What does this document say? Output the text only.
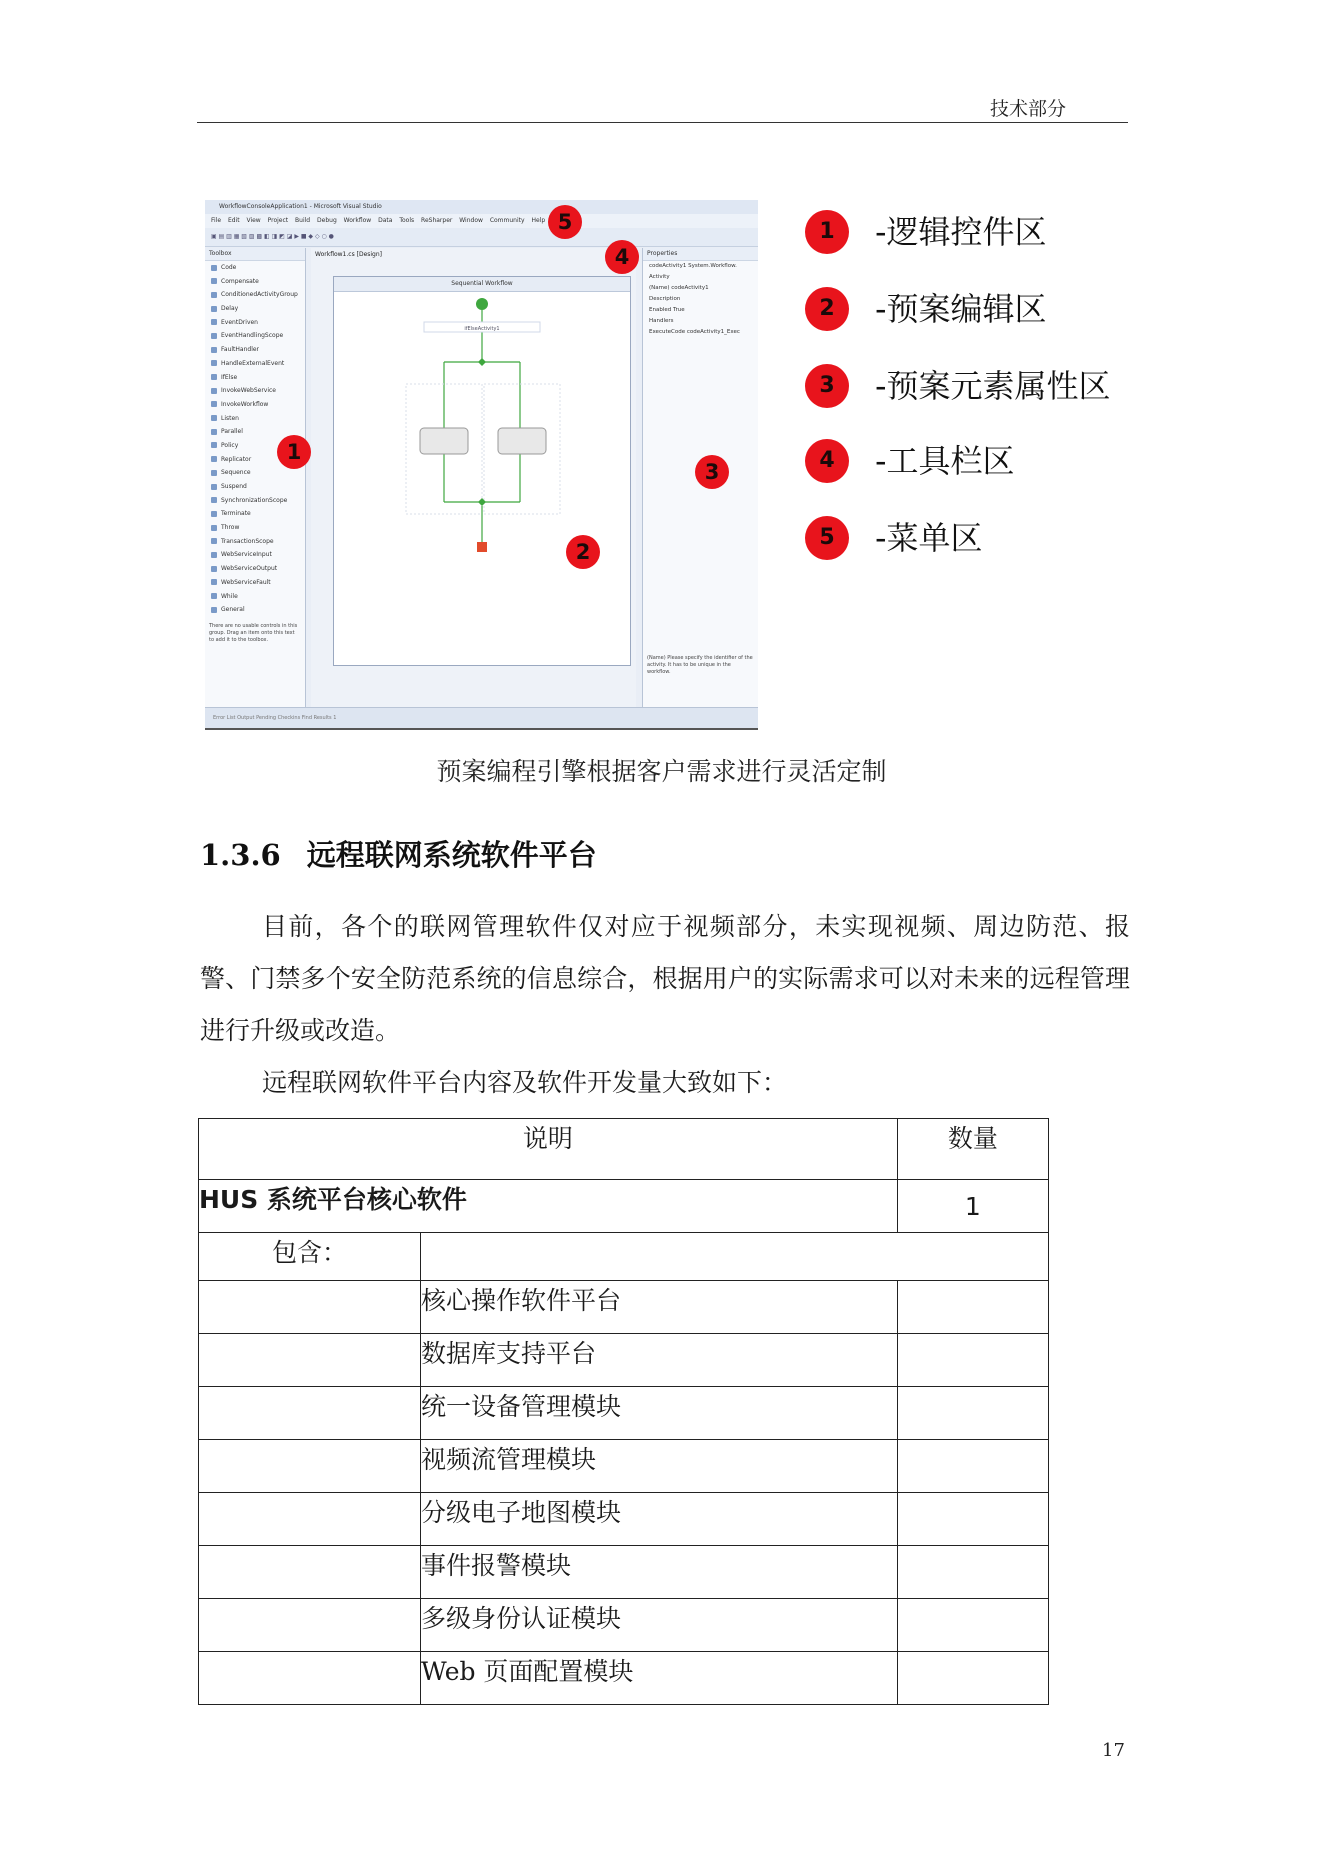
技术部分
WorkflowConsoleApplication1 - Microsoft Visual Studio
File Edit View Project Build Debug Workflow Data Tools ReSharper Window Community Help
▣ ▤ ▥ ▦ ▧ ▨ ▩ ◧ ◨ ◩ ◪ ▶ ■ ◆ ◇ ○ ●
Toolbox
Code
Compensate
ConditionedActivityGroup
Delay
EventDriven
EventHandlingScope
FaultHandler
HandleExternalEvent
IfElse
InvokeWebService
InvokeWorkflow
Listen
Parallel
Policy
Replicator
Sequence
Suspend
SynchronizationScope
Terminate
Throw
TransactionScope
WebServiceInput
WebServiceOutput
WebServiceFault
While
General
There are no usable controls in this group. Drag an item onto this text to add it to the toolbox.
Workflow1.cs [Design]
Sequential Workflow
ifElseActivity1
Properties
codeActivity1 System.Workflow.
Activity
(Name) codeActivity1
Description
Enabled True
Handlers
ExecuteCode codeActivity1_Exec
(Name) Please specify the identifier of the activity. It has to be unique in the workflow.
Error List Output Pending Checkins Find Results 1
1
2
3
4
5	1	-逻辑控件区
2	-预案编辑区
3	-预案元素属性区
4	-工具栏区
5	-菜单区
预案编程引擎根据客户需求进行灵活定制
1.3.6 远程联网系统软件平台
目前，各个的联网管理软件仅对应于视频部分，未实现视频、周边防范、报警、门禁多个安全防范系统的信息综合，根据用户的实际需求可以对未来的远程管理进行升级或改造。
远程联网软件平台内容及软件开发量大致如下：
说明		数量
HUS 系统平台核心软件		1
包含：		
	核心操作软件平台	
	数据库支持平台	
	统一设备管理模块	
	视频流管理模块	
	分级电子地图模块	
	事件报警模块	
	多级身份认证模块	
	Web 页面配置模块	
17
